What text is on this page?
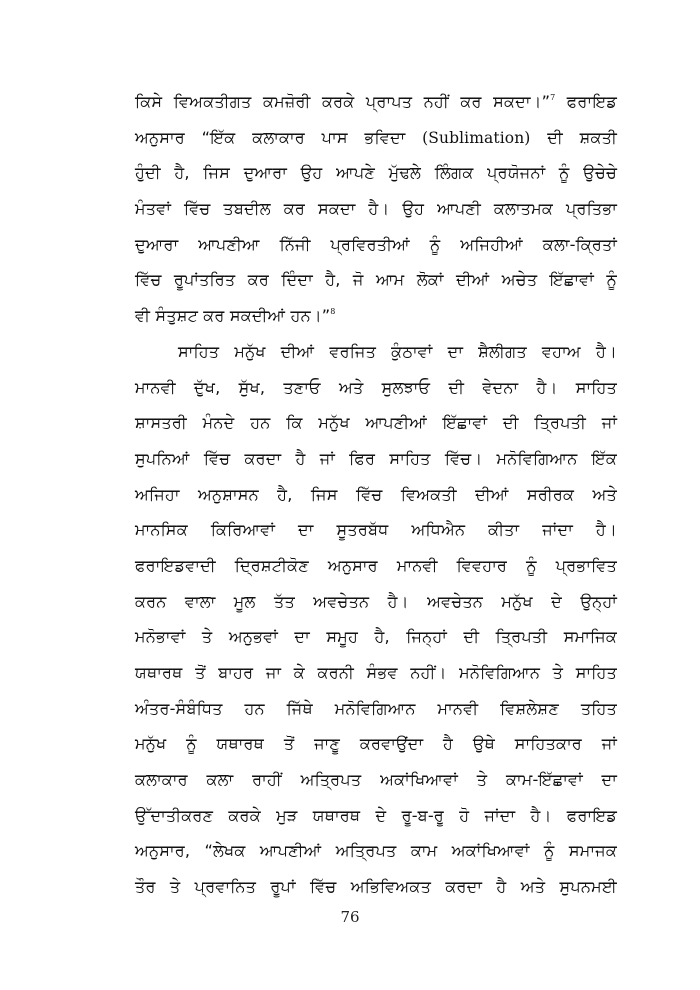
ਕਿਸੇ ਵਿਅਕਤੀਗਤ ਕਮਜ਼ੋਰੀ ਕਰਕੇ ਪ੍ਰਾਪਤ ਨਹੀਂ ਕਰ ਸਕਦਾ।”$^7$ ਫਰਾਇਡ
ਅਨੁਸਾਰ “ਇੱਕ ਕਲਾਕਾਰ ਪਾਸ ਭਵਿਦਾ (Sublimation) ਦੀ ਸ਼ਕਤੀ
ਹੁੰਦੀ ਹੈ, ਜਿਸ ਦੁਆਰਾ ਉਹ ਆਪਣੇ ਮੁੱਢਲੇ ਲਿੰਗਕ ਪ੍ਰਯੋਜਨਾਂ ਨੂੰ ਉਚੇਚੇ
ਮੰਤਵਾਂ ਵਿੱਚ ਤਬਦੀਲ ਕਰ ਸਕਦਾ ਹੈ। ਉਹ ਆਪਣੀ ਕਲਾਤਮਕ ਪ੍ਰਤਿਭਾ
ਦੁਆਰਾ ਆਪਣੀਆ ਨਿੱਜੀ ਪ੍ਰਵਿਰਤੀਆਂ ਨੂੰ ਅਜਿਹੀਆਂ ਕਲਾ-ਕ੍ਰਿਤਾਂ
ਵਿੱਚ ਰੂਪਾਂਤਰਿਤ ਕਰ ਦਿੰਦਾ ਹੈ, ਜੋ ਆਮ ਲੋਕਾਂ ਦੀਆਂ ਅਚੇਤ ਇੱਛਾਵਾਂ ਨੂੰ
ਵੀ ਸੰਤੁਸ਼ਟ ਕਰ ਸਕਦੀਆਂ ਹਨ।”$^8$
ਸਾਹਿਤ ਮਨੁੱਖ ਦੀਆਂ ਵਰਜਿਤ ਕੁੰਠਾਵਾਂ ਦਾ ਸ਼ੈਲੀਗਤ ਵਹਾਅ ਹੈ।
ਮਾਨਵੀ ਦੁੱਖ, ਸੁੱਖ, ਤਣਾਓ ਅਤੇ ਸੁਲਝਾਓ ਦੀ ਵੇਦਨਾ ਹੈ। ਸਾਹਿਤ
ਸ਼ਾਸਤਰੀ ਮੰਨਦੇ ਹਨ ਕਿ ਮਨੁੱਖ ਆਪਣੀਆਂ ਇੱਛਾਵਾਂ ਦੀ ਤ੍ਰਿਪਤੀ ਜਾਂ
ਸੁਪਨਿਆਂ ਵਿੱਚ ਕਰਦਾ ਹੈ ਜਾਂ ਫਿਰ ਸਾਹਿਤ ਵਿੱਚ। ਮਨੋਵਿਗਿਆਨ ਇੱਕ
ਅਜਿਹਾ ਅਨੁਸ਼ਾਸਨ ਹੈ, ਜਿਸ ਵਿੱਚ ਵਿਅਕਤੀ ਦੀਆਂ ਸਰੀਰਕ ਅਤੇ
ਮਾਨਸਿਕ ਕਿਰਿਆਵਾਂ ਦਾ ਸੂਤਰਬੱਧ ਅਧਿਐਨ ਕੀਤਾ ਜਾਂਦਾ ਹੈ।
ਫਰਾਇਡਵਾਦੀ ਦ੍ਰਿਸ਼ਟੀਕੋਣ ਅਨੁਸਾਰ ਮਾਨਵੀ ਵਿਵਹਾਰ ਨੂੰ ਪ੍ਰਭਾਵਿਤ
ਕਰਨ ਵਾਲਾ ਮੂਲ ਤੱਤ ਅਵਚੇਤਨ ਹੈ। ਅਵਚੇਤਨ ਮਨੁੱਖ ਦੇ ਉਨ੍ਹਾਂ
ਮਨੋਭਾਵਾਂ ਤੇ ਅਨੁਭਵਾਂ ਦਾ ਸਮੂਹ ਹੈ, ਜਿਨ੍ਹਾਂ ਦੀ ਤ੍ਰਿਪਤੀ ਸਮਾਜਿਕ
ਯਥਾਰਥ ਤੋਂ ਬਾਹਰ ਜਾ ਕੇ ਕਰਨੀ ਸੰਭਵ ਨਹੀਂ। ਮਨੋਵਿਗਿਆਨ ਤੇ ਸਾਹਿਤ
ਅੰਤਰ-ਸੰਬੰਧਿਤ ਹਨ ਜਿੱਥੇ ਮਨੋਵਿਗਿਆਨ ਮਾਨਵੀ ਵਿਸ਼ਲੇਸ਼ਣ ਤਹਿਤ
ਮਨੁੱਖ ਨੂੰ ਯਥਾਰਥ ਤੋਂ ਜਾਣੂ ਕਰਵਾਉਂਦਾ ਹੈ ਉਥੇ ਸਾਹਿਤਕਾਰ ਜਾਂ
ਕਲਾਕਾਰ ਕਲਾ ਰਾਹੀਂ ਅਤ੍ਰਿਪਤ ਅਕਾਂਖਿਆਵਾਂ ਤੇ ਕਾਮ-ਇੱਛਾਵਾਂ ਦਾ
ਉੱਦਾਤੀਕਰਣ ਕਰਕੇ ਮੁੜ ਯਥਾਰਥ ਦੇ ਰੂ-ਬ-ਰੂ ਹੋ ਜਾਂਦਾ ਹੈ। ਫਰਾਇਡ
ਅਨੁਸਾਰ, “ਲੇਖਕ ਆਪਣੀਆਂ ਅਤ੍ਰਿਪਤ ਕਾਮ ਅਕਾਂਖਿਆਵਾਂ ਨੂੰ ਸਮਾਜਕ
ਤੌਰ ਤੇ ਪ੍ਰਵਾਨਿਤ ਰੂਪਾਂ ਵਿੱਚ ਅਭਿਵਿਅਕਤ ਕਰਦਾ ਹੈ ਅਤੇ ਸੁਪਨਮਈ
76
